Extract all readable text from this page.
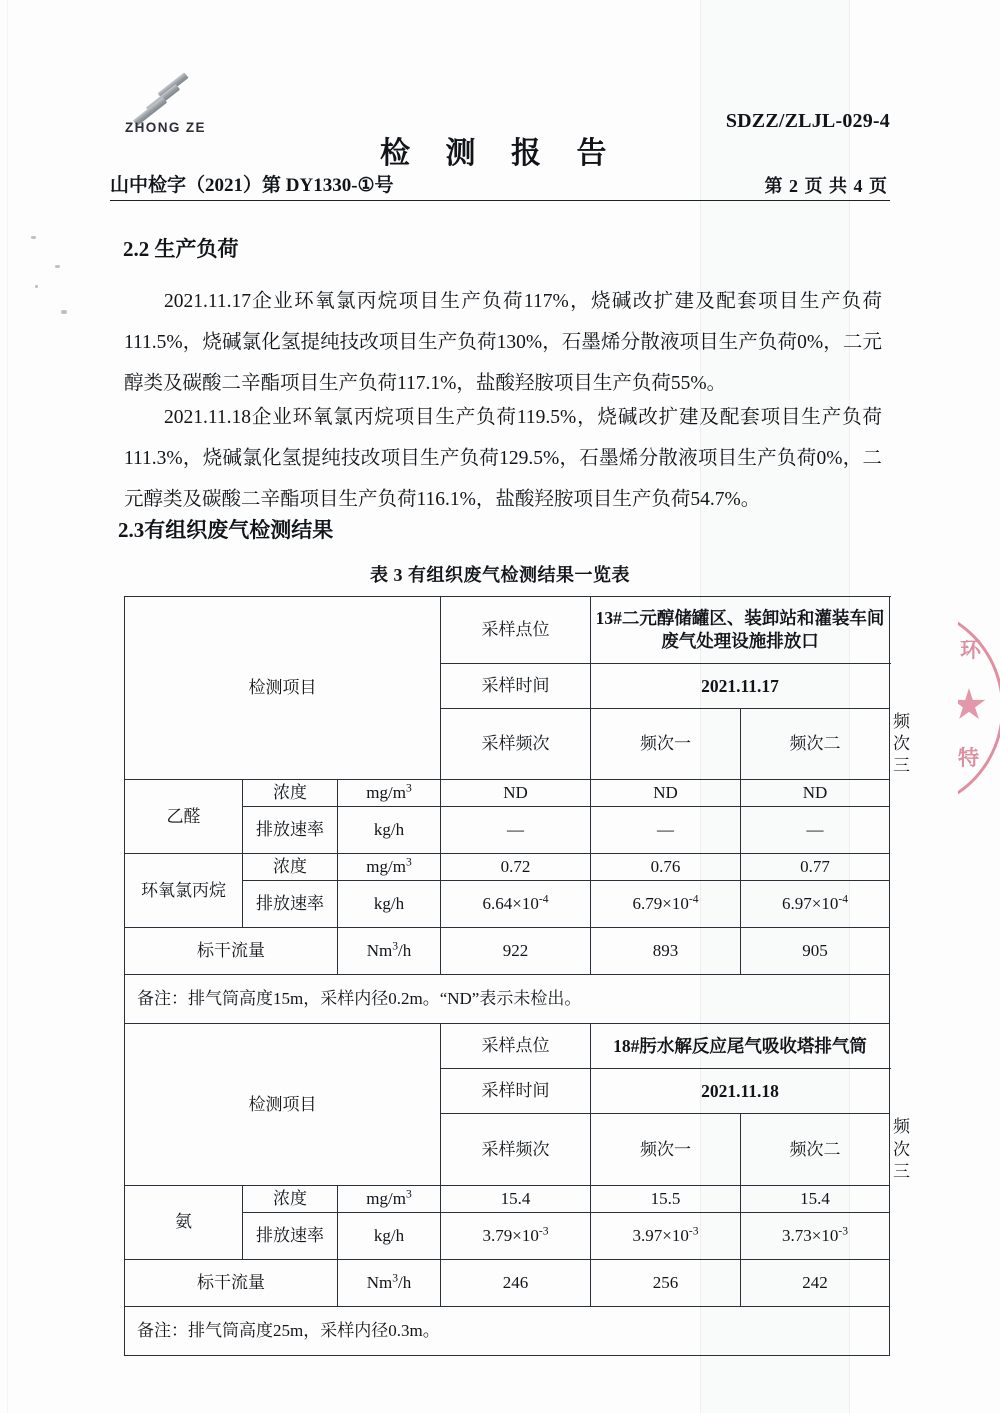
ZHONG ZE	SDZZ/ZLJL-029-4
检 测 报 告
山中检字（2021）第 DY1330-①号	第 2 页 共 4 页
2.2 生产负荷
2021.11.17企业环氧氯丙烷项目生产负荷117%，烧碱改扩建及配套项目生产负荷111.5%，烧碱氯化氢提纯技改项目生产负荷130%，石墨烯分散液项目生产负荷0%，二元醇类及碳酸二辛酯项目生产负荷117.1%，盐酸羟胺项目生产负荷55%。
2021.11.18企业环氧氯丙烷项目生产负荷119.5%，烧碱改扩建及配套项目生产负荷111.3%，烧碱氯化氢提纯技改项目生产负荷129.5%，石墨烯分散液项目生产负荷0%，二元醇类及碳酸二辛酯项目生产负荷116.1%，盐酸羟胺项目生产负荷54.7%。
2.3有组织废气检测结果
表 3 有组织废气检测结果一览表
检测项目			采样点位	13#二元醇储罐区、装卸站和灌装车间废气处理设施排放口		
			采样时间	2021.11.17		
			采样频次	频次一	频次二	
乙醛	浓度	$mg/m^3$	ND	ND	ND	
	排放速率	kg/h	—	—	—	
环氧氯丙烷	浓度	$mg/m^3$	0.72	0.76	0.77	
	排放速率	kg/h	$6.64\times 10^{-4}$	$6.79\times 10^{-4}$	$6.97\times 10^{-4}$
标干流量		Nm$^3$/h	922	893	905	
备注：排气筒高度15m，采样内径0.2m。“ND”表示未检出。						
检测项目			采样点位	18#肟水解反应尾气吸收塔排气筒		
			采样时间	2021.11.18		
			采样频次	频次一	频次二	
氨	浓度	$mg/m^3$	15.4	15.5	15.4	
	排放速率	kg/h	$3.79\times 10^{-3}$	$3.97\times 10^{-3}$	$3.73\times 10^{-3}$
标干流量		Nm$^3$/h	246	256	242	
备注：排气筒高度25m，采样内径0.3m。						
环
特
